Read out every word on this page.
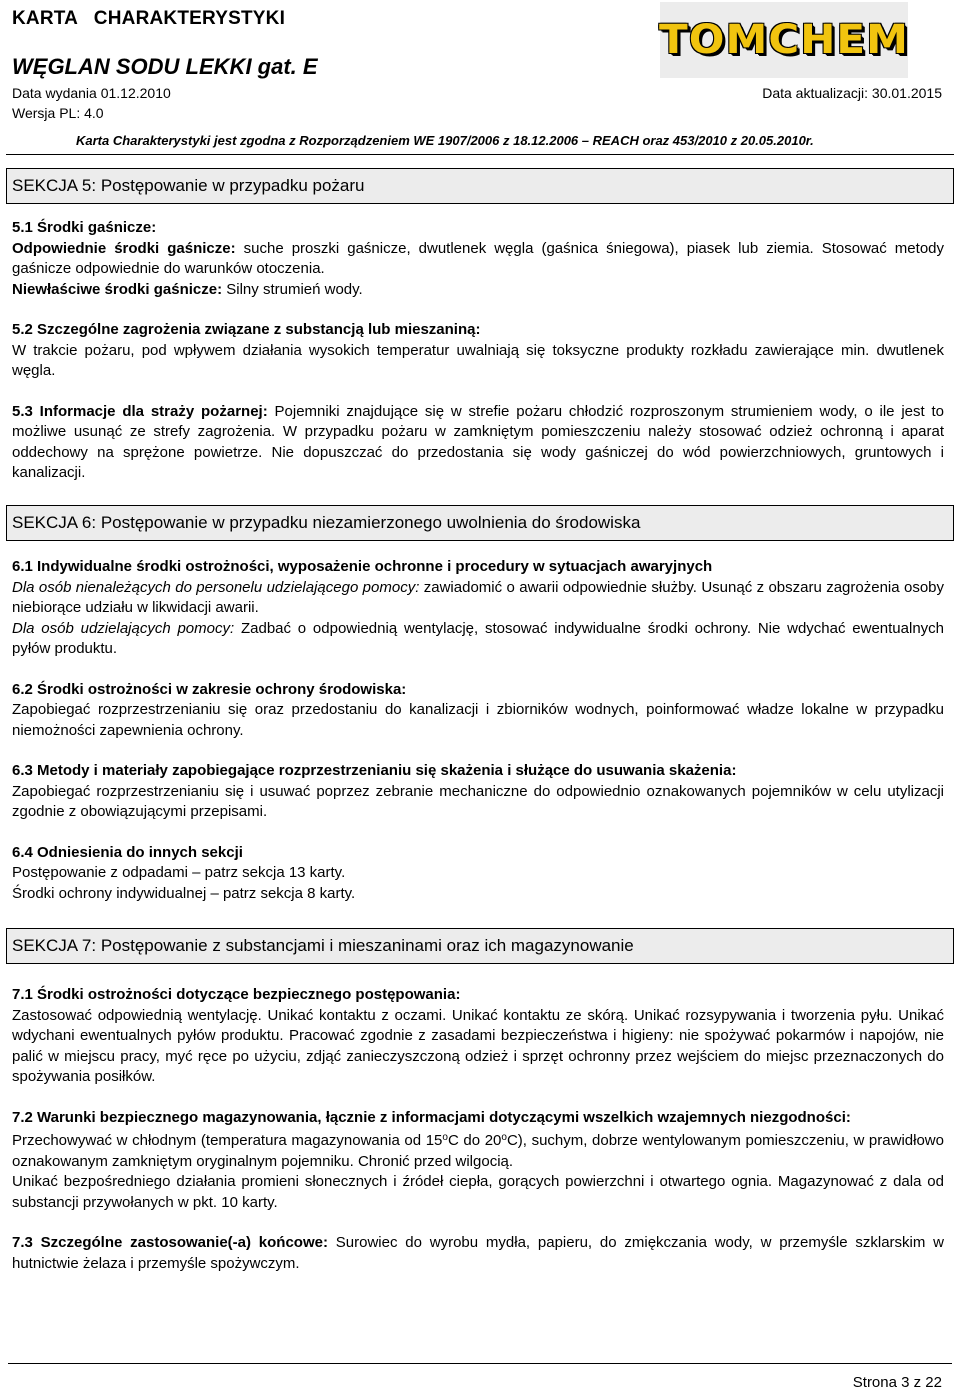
KARTA   CHARAKTERYSTYKI
WĘGLAN SODU LEKKI gat. E
Data wydania 01.12.2010	Data aktualizacji: 30.01.2015
Wersja PL: 4.0
Karta Charakterystyki jest zgodna z Rozporządzeniem WE 1907/2006 z 18.12.2006 – REACH oraz 453/2010 z 20.05.2010r.
TOMCHEM
SEKCJA 5: Postępowanie w przypadku pożaru

5.1 Środki gaśnicze:

Odpowiednie środki gaśnicze: suche proszki gaśnicze, dwutlenek węgla (gaśnica śniegowa), piasek lub ziemia. Stosować metody gaśnicze odpowiednie do warunków otoczenia.

Niewłaściwe środki gaśnicze: Silny strumień wody.

5.2 Szczególne zagrożenia związane z substancją lub mieszaniną:

W trakcie pożaru, pod wpływem działania wysokich temperatur uwalniają się toksyczne produkty rozkładu zawierające min. dwutlenek węgla.

5.3 Informacje dla straży pożarnej: Pojemniki znajdujące się w strefie pożaru chłodzić rozproszonym strumieniem wody, o ile jest to możliwe usunąć ze strefy zagrożenia. W przypadku pożaru w zamkniętym pomieszczeniu należy stosować odzież ochronną i aparat oddechowy na sprężone powietrze. Nie dopuszczać do przedostania się wody gaśniczej do wód powierzchniowych, gruntowych i kanalizacji.

SEKCJA 6: Postępowanie w przypadku niezamierzonego uwolnienia do środowiska

6.1 Indywidualne środki ostrożności, wyposażenie ochronne i procedury w sytuacjach awaryjnych

Dla osób nienależących do personelu udzielającego pomocy: zawiadomić o awarii odpowiednie służby. Usunąć z obszaru zagrożenia osoby niebiorące udziału w likwidacji awarii.

Dla osób udzielających pomocy: Zadbać o odpowiednią wentylację, stosować indywidualne środki ochrony. Nie wdychać ewentualnych pyłów produktu.

6.2 Środki ostrożności w zakresie ochrony środowiska:

Zapobiegać rozprzestrzenianiu się oraz przedostaniu do kanalizacji i zbiorników wodnych, poinformować władze lokalne w przypadku niemożności zapewnienia ochrony.

6.3 Metody i materiały zapobiegające rozprzestrzenianiu się skażenia i służące do usuwania skażenia:

Zapobiegać rozprzestrzenianiu się i usuwać poprzez zebranie mechaniczne do odpowiednio oznakowanych pojemników w celu utylizacji zgodnie z obowiązującymi przepisami.

6.4 Odniesienia do innych sekcji

Postępowanie z odpadami – patrz sekcja 13 karty.

Środki ochrony indywidualnej – patrz sekcja 8 karty.

SEKCJA 7: Postępowanie z substancjami i mieszaninami oraz ich magazynowanie

7.1 Środki ostrożności dotyczące bezpiecznego postępowania:

Zastosować odpowiednią wentylację. Unikać kontaktu z oczami. Unikać kontaktu ze skórą. Unikać rozsypywania i tworzenia pyłu. Unikać wdychani ewentualnych pyłów produktu. Pracować zgodnie z zasadami bezpieczeństwa i higieny: nie spożywać pokarmów i napojów, nie palić w miejscu pracy, myć ręce po użyciu, zdjąć zanieczyszczoną odzież i sprzęt ochronny przez wejściem do miejsc przeznaczonych do spożywania posiłków.

7.2 Warunki bezpiecznego magazynowania, łącznie z informacjami dotyczącymi wszelkich wzajemnych niezgodności:

Przechowywać w chłodnym (temperatura magazynowania od 15$^o$C do 20$^o$C), suchym, dobrze wentylowanym pomieszczeniu, w prawidłowo oznakowanym zamkniętym oryginalnym pojemniku. Chronić przed wilgocią.

Unikać bezpośredniego działania promieni słonecznych i źródeł ciepła, gorących powierzchni i otwartego ognia. Magazynować z dala od substancji przywołanych w pkt. 10 karty.

7.3 Szczególne zastosowanie(-a) końcowe: Surowiec do wyrobu mydła, papieru, do zmiękczania wody, w przemyśle szklarskim w hutnictwie żelaza i przemyśle spożywczym.

Strona 3 z 22
